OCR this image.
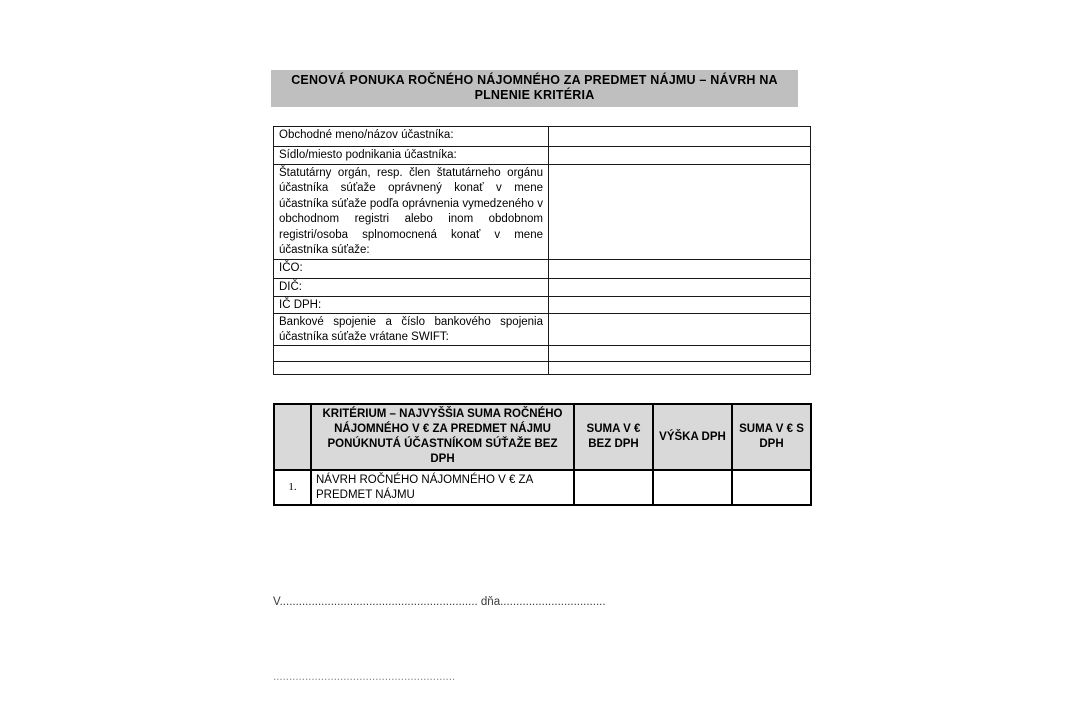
CENOVÁ PONUKA ROČNÉHO NÁJOMNÉHO ZA PREDMET NÁJMU – NÁVRH NA PLNENIE KRITÉRIA
Obchodné meno/názov účastníka:	
Sídlo/miesto podnikania účastníka:	
Štatutárny orgán, resp. člen štatutárneho orgánu účastníka súťaže oprávnený konať v mene účastníka súťaže podľa oprávnenia vymedzeného v obchodnom registri alebo inom obdobnom registri/osoba splnomocnená konať v mene účastníka súťaže:	
IČO:	
DIČ:	
IČ DPH:	
Bankové spojenie a číslo bankového spojenia účastníka súťaže vrátane SWIFT:	

	KRITÉRIUM – NAJVYŠŠIA SUMA ROČNÉHO NÁJOMNÉHO V € ZA PREDMET NÁJMU PONÚKNUTÁ ÚČASTNÍKOM SÚŤAŽE BEZ DPH	SUMA V € BEZ DPH	VÝŠKA DPH	SUMA V € S DPH
1.	NÁVRH ROČNÉHO NÁJOMNÉHO V € ZA PREDMET NÁJMU			
V.............................................................. dňa.................................
.........................................................
